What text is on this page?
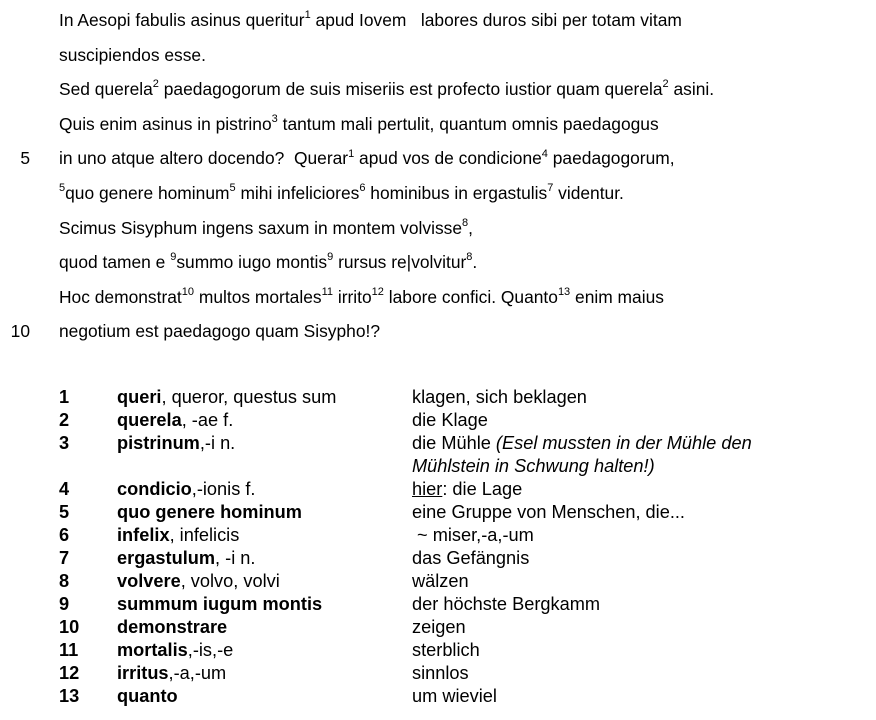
In Aesopi fabulis asinus queritur$^1$ apud Iovem   labores duros sibi per totam vitam

suscipiendos esse.

Sed querela$^2$ paedagogorum de suis miseriis est profecto iustior quam querela$^2$ asini.

Quis enim asinus in pistrino$^3$ tantum mali pertulit, quantum omnis paedagogus

5

in uno atque altero docendo?  Querar$^1$ apud vos de condicione$^4$ paedagogorum,

$^5$quo genere hominum$^5$ mihi infeliciores$^6$ hominibus in ergastulis$^7$ videntur.

Scimus Sisyphum ingens saxum in montem volvisse$^8$,

quod tamen e $^9$summo iugo montis$^9$ rursus re|volvitur$^8$.

Hoc demonstrat$^{10}$ multos mortales$^{11}$ irrito$^{12}$ labore confici. Quanto$^{13}$ enim maius

10

negotium est paedagogo quam Sisypho!?

1	queri, queror, questus sum	klagen, sich beklagen
2	querela, -ae f.	die Klage
3	pistrinum,-i n.	die Mühle (Esel mussten in der Mühle den Mühlstein in Schwung halten!)
4	condicio,-ionis f.	hier: die Lage
5	quo genere hominum	eine Gruppe von Menschen, die...
6	infelix, infelicis	~ miser,-a,-um
7	ergastulum, -i n.	das Gefängnis
8	volvere, volvo, volvi	wälzen
9	summum iugum montis	der höchste Bergkamm
10 demonstrare	zeigen
11 mortalis,-is,-e	sterblich
12 irritus,-a,-um	sinnlos
13 quanto	um wieviel
